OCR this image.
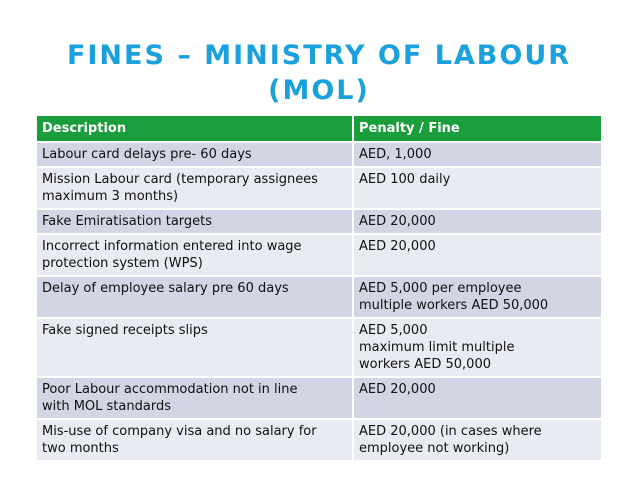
FINES – MINISTRY OF LABOUR
(MOL)
Description	Penalty / Fine
Labour card delays pre- 60 days	AED, 1,000
Mission Labour card (temporary assignees
maximum 3 months)	AED 100 daily
Fake Emiratisation targets	AED 20,000
Incorrect information entered into wage
protection system (WPS)	AED 20,000
Delay of employee salary pre 60 days	AED 5,000 per employee
multiple workers AED 50,000
Fake signed receipts slips	AED 5,000
maximum limit multiple
workers AED 50,000
Poor Labour accommodation not in line
with MOL standards	AED 20,000
Mis-use of company visa and no salary for
two months	AED 20,000 (in cases where
employee not working)
